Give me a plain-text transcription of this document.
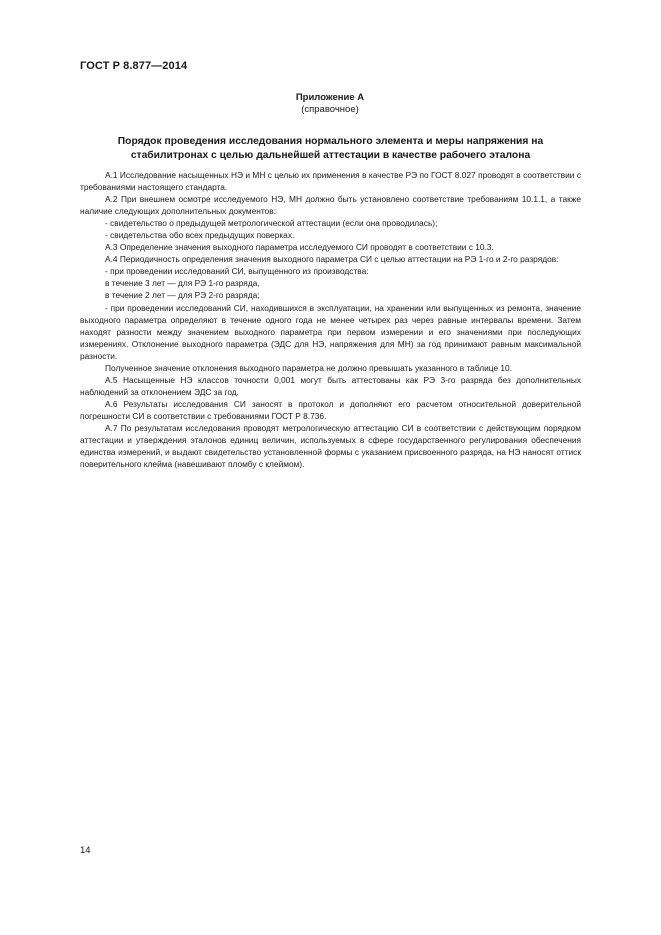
ГОСТ Р 8.877—2014
Приложение А
(справочное)
Порядок проведения исследования нормального элемента и меры напряжения на
стабилитронах с целью дальнейшей аттестации в качестве рабочего эталона

А.1 Исследование насыщенных НЭ и МН с целью их применения в качестве РЭ по ГОСТ 8.027 проводят в соответствии с требованиями настоящего стандарта.

А.2 При внешнем осмотре исследуемого НЭ, МН должно быть установлено соответствие требованиям 10.1.1, а также наличие следующих дополнительных документов:

- свидетельство о предыдущей метрологической аттестации (если она проводилась);

- свидетельства обо всех предыдущих поверках.

А.3 Определение значения выходного параметра исследуемого СИ проводят в соответствии с 10.3.

А.4 Периодичность определения значения выходного параметра СИ с целью аттестации на РЭ 1-го и 2-го разрядов:

- при проведении исследований СИ, выпущенного из производства:

в течение 3 лет — для РЭ 1-го разряда,

в течение 2 лет — для РЭ 2-го разряда;

- при проведении исследований СИ, находившихся в эксплуатации, на хранении или выпущенных из ремонта, значение выходного параметра определяют в течение одного года не менее четырех раз через равные интервалы времени. Затем находят разности между значением выходного параметра при первом измерении и его значениями при последующих измерениях. Отклонение выходного параметра (ЭДС для НЭ, напряжения для МН) за год принимают равным максимальной разности.

Полученное значение отклонения выходного параметра не должно превышать указанного в таблице 10.

А.5 Насыщенные НЭ классов точности 0,001 могут быть аттестованы как РЭ 3-го разряда без дополнительных наблюдений за отклонением ЭДС за год.

А.6 Результаты исследования СИ заносят в протокол и дополняют его расчетом относительной доверительной погрешности СИ в соответствии с требованиями ГОСТ Р 8.736.

А.7 По результатам исследования проводят метрологическую аттестацию СИ в соответствии с действующим порядком аттестации и утверждения эталонов единиц величин, используемых в сфере государственного регулирования обеспечения единства измерений, и выдают свидетельство установленной формы с указанием присвоенного разряда, на НЭ наносят оттиск поверительного клейма (навешивают пломбу с клеймом).

14
